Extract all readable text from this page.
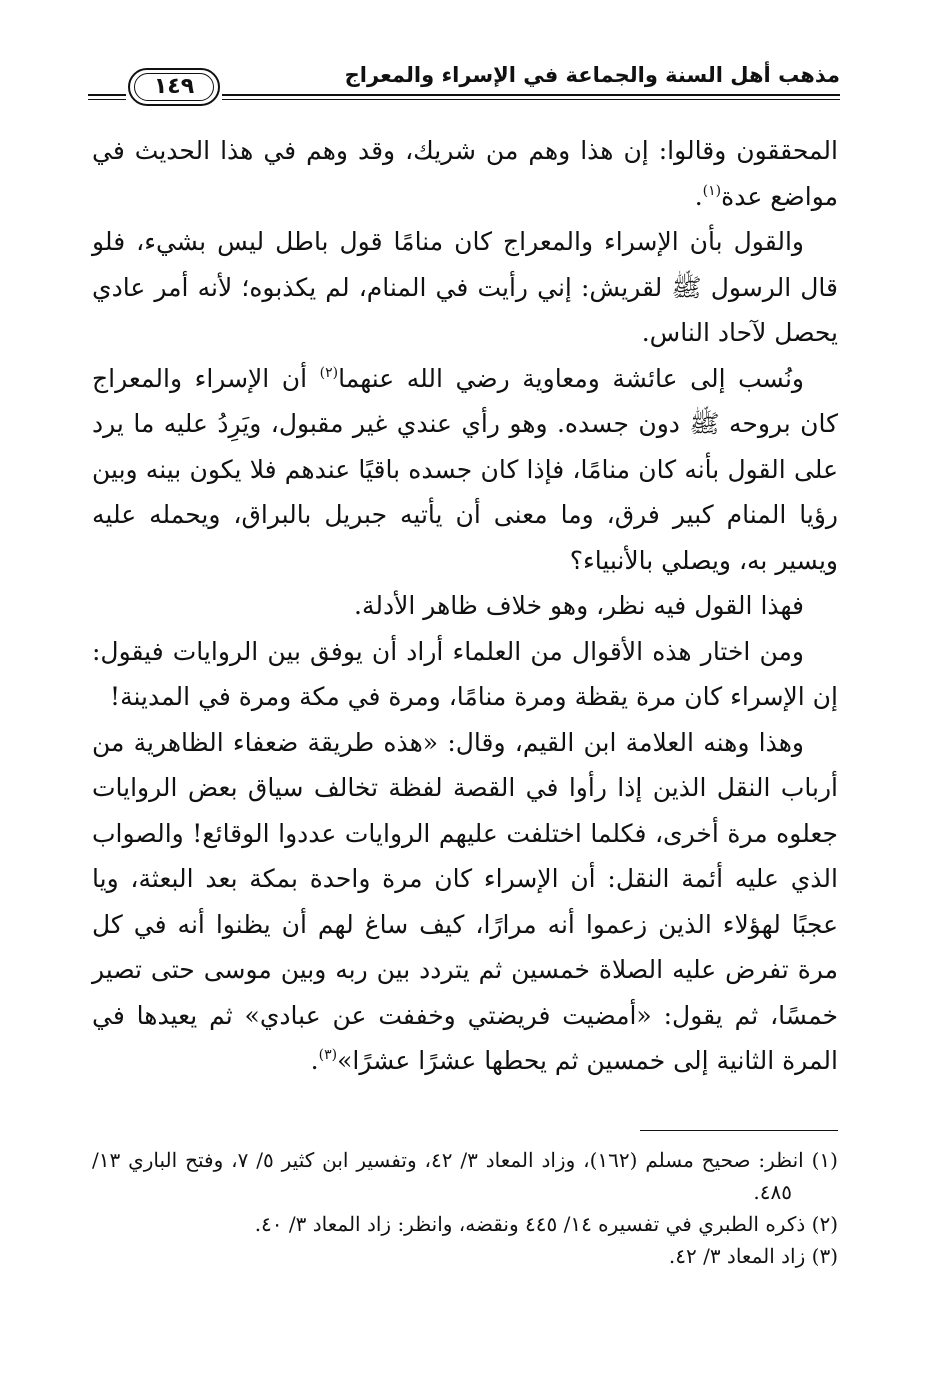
مذهب أهل السنة والجماعة في الإسراء والمعراج
١٤٩

المحققون وقالوا: إن هذا وهم من شريك، وقد وهم في هذا الحديث في مواضع عدة$^{(١)}$.

والقول بأن الإسراء والمعراج كان منامًا قول باطل ليس بشيء، فلو قال الرسول ﷺ لقريش: إني رأيت في المنام، لم يكذبوه؛ لأنه أمر عادي يحصل لآحاد الناس.

ونُسب إلى عائشة ومعاوية رضي الله عنهما$^{(٢)}$ أن الإسراء والمعراج كان بروحه ﷺ دون جسده. وهو رأي عندي غير مقبول، ويَرِدُ عليه ما يرد على القول بأنه كان منامًا، فإذا كان جسده باقيًا عندهم فلا يكون بينه وبين رؤيا المنام كبير فرق، وما معنى أن يأتيه جبريل بالبراق، ويحمله عليه ويسير به، ويصلي بالأنبياء؟

فهذا القول فيه نظر، وهو خلاف ظاهر الأدلة.

ومن اختار هذه الأقوال من العلماء أراد أن يوفق بين الروايات فيقول: إن الإسراء كان مرة يقظة ومرة منامًا، ومرة في مكة ومرة في المدينة!

وهذا وهنه العلامة ابن القيم، وقال: «هذه طريقة ضعفاء الظاهرية من أرباب النقل الذين إذا رأوا في القصة لفظة تخالف سياق بعض الروايات جعلوه مرة أخرى، فكلما اختلفت عليهم الروايات عددوا الوقائع! والصواب الذي عليه أئمة النقل: أن الإسراء كان مرة واحدة بمكة بعد البعثة، ويا عجبًا لهؤلاء الذين زعموا أنه مرارًا، كيف ساغ لهم أن يظنوا أنه في كل مرة تفرض عليه الصلاة خمسين ثم يتردد بين ربه وبين موسى حتى تصير خمسًا، ثم يقول: «أمضيت فريضتي وخففت عن عبادي» ثم يعيدها في المرة الثانية إلى خمسين ثم يحطها عشرًا عشرًا»$^{(٣)}$.

(١) انظر: صحيح مسلم (١٦٢)، وزاد المعاد ٣/ ٤٢، وتفسير ابن كثير ٥/ ٧، وفتح الباري ١٣/ ٤٨٥.

(٢) ذكره الطبري في تفسيره ١٤/ ٤٤٥ ونقضه، وانظر: زاد المعاد ٣/ ٤٠.

(٣) زاد المعاد ٣/ ٤٢.
